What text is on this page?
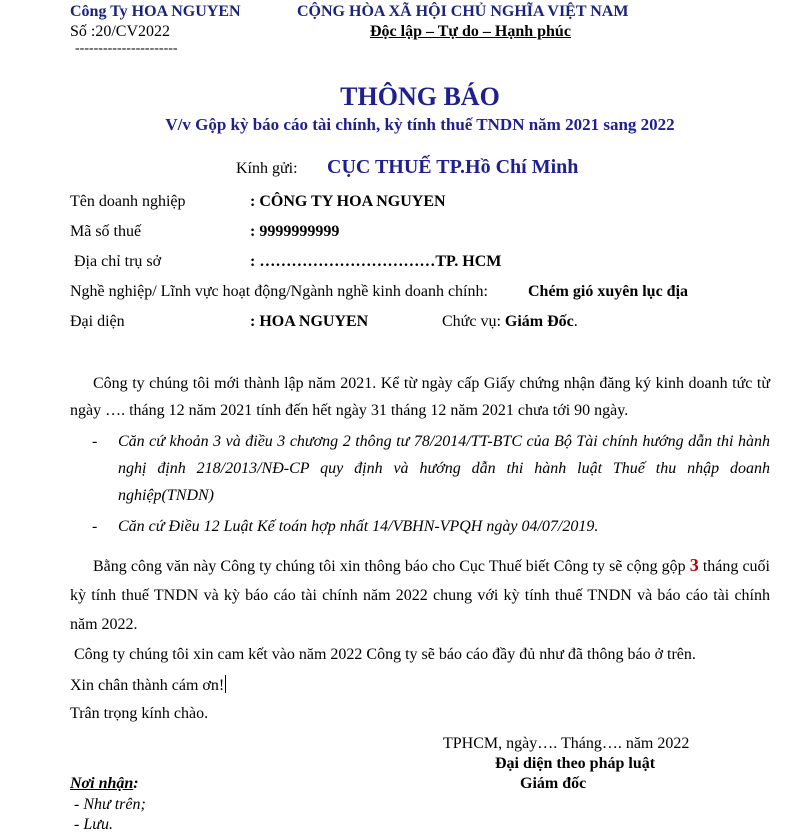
Công Ty HOA NGUYEN
Số :20/CV2022
----------------------
CỘNG HÒA XÃ HỘI CHỦ NGHĨA VIỆT NAM
Độc lập – Tự do – Hạnh phúc
THÔNG BÁO
V/v Gộp kỳ báo cáo tài chính, kỳ tính thuế TNDN năm 2021 sang 2022
Kính gửi: CỤC THUẾ TP.Hồ Chí Minh
Tên doanh nghiệp	: CÔNG TY HOA NGUYEN
Mã số thuế	: 9999999999
Địa chỉ trụ sở	: ……………………………TP. HCM
Nghề nghiệp/ Lĩnh vực hoạt động/Ngành nghề kinh doanh chính:	Chém gió xuyên lục địa
Đại diện	: HOA NGUYEN	Chức vụ: Giám Đốc.
Công ty chúng tôi mới thành lập năm 2021. Kể từ ngày cấp Giấy chứng nhận đăng ký kinh doanh tức từ ngày …. tháng 12 năm 2021 tính đến hết ngày 31 tháng 12 năm 2021 chưa tới 90 ngày.
- Căn cứ khoản 3 và điều 3 chương 2 thông tư 78/2014/TT-BTC của Bộ Tài chính hướng dẫn thi hành nghị định 218/2013/NĐ-CP quy định và hướng dẫn thi hành luật Thuế thu nhập doanh nghiệp(TNDN)
- Căn cứ Điều 12 Luật Kế toán hợp nhất 14/VBHN-VPQH ngày 04/07/2019.
Bằng công văn này Công ty chúng tôi xin thông báo cho Cục Thuế biết Công ty sẽ cộng gộp 3 tháng cuối kỳ tính thuế TNDN và kỳ báo cáo tài chính năm 2022 chung với kỳ tính thuế TNDN và báo cáo tài chính năm 2022.
Công ty chúng tôi xin cam kết vào năm 2022 Công ty sẽ báo cáo đầy đủ như đã thông báo ở trên.
Xin chân thành cám ơn!
Trân trọng kính chào.
TPHCM, ngày…. Tháng…. năm 2022
Đại diện theo pháp luật
Giám đốc
Nơi nhận:
- Như trên;
- Lưu.
